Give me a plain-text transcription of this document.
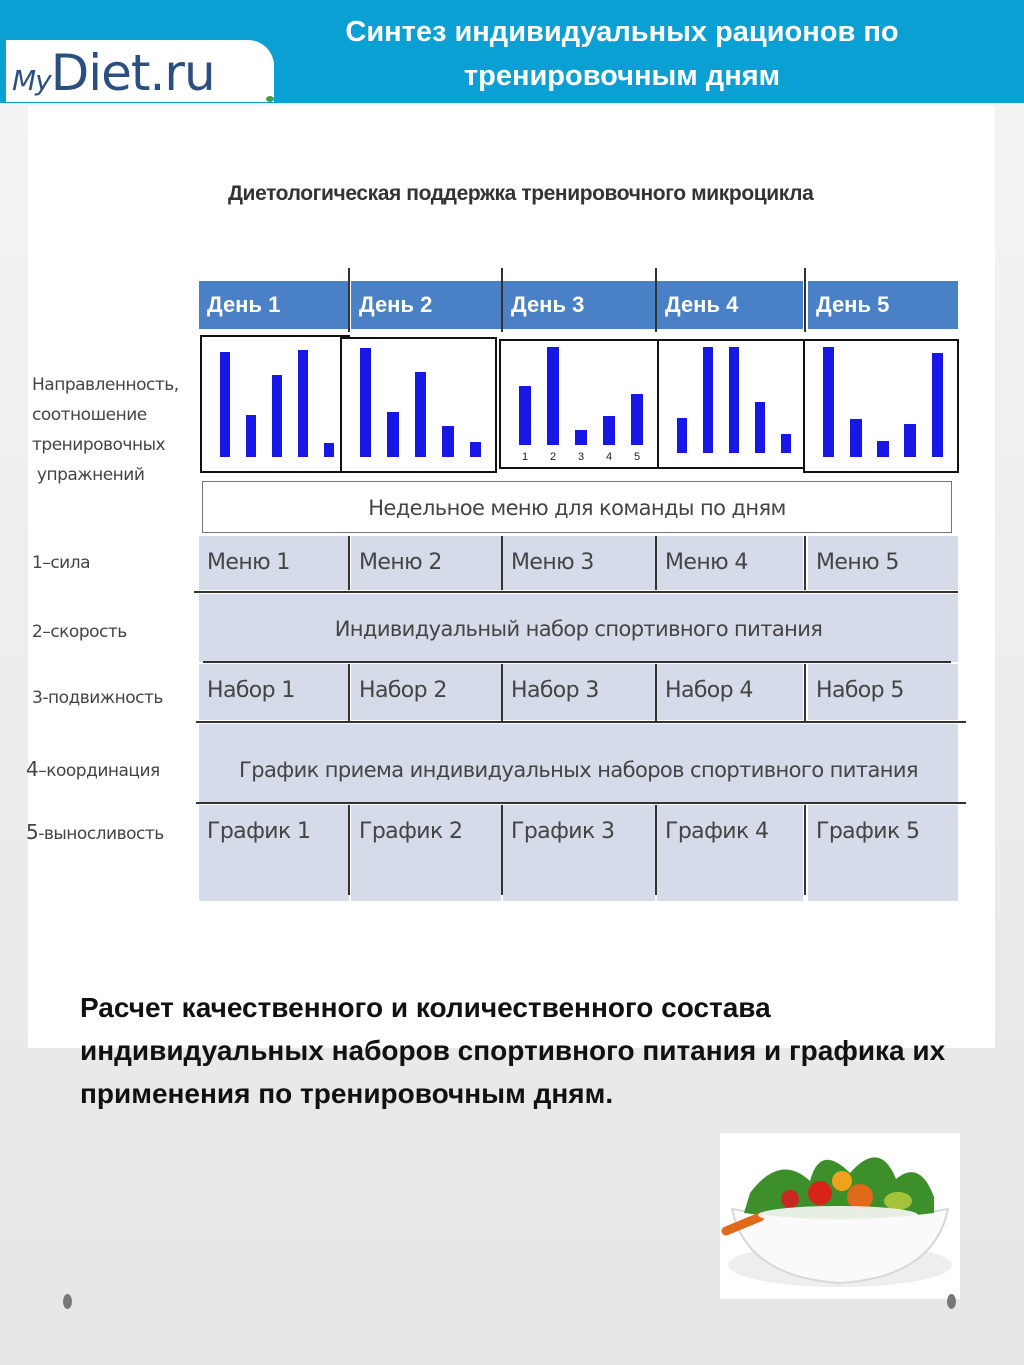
MyDiet.ru
Синтез индивидуальных рационов по тренировочным дням
Диетологическая поддержка тренировочного микроцикла
Направленность,
соотношение
тренировочных
упражнений
1–сила
2–скорость
3-подвижность
4–координация
5-выносливость
День 1	День 2	День 3	День 4	День 5
1 2 3 4 5
Недельное меню для команды по дням
Меню 1	Меню 2	Меню 3	Меню 4	Меню 5
Индивидуальный набор спортивного питания
Набор 1	Набор 2	Набор 3	Набор 4	Набор 5
График приема индивидуальных наборов спортивного питания
График 1	График 2	График 3	График 4	График 5
Расчет качественного и количественного состава индивидуальных наборов спортивного питания и графика их применения по тренировочным дням.
